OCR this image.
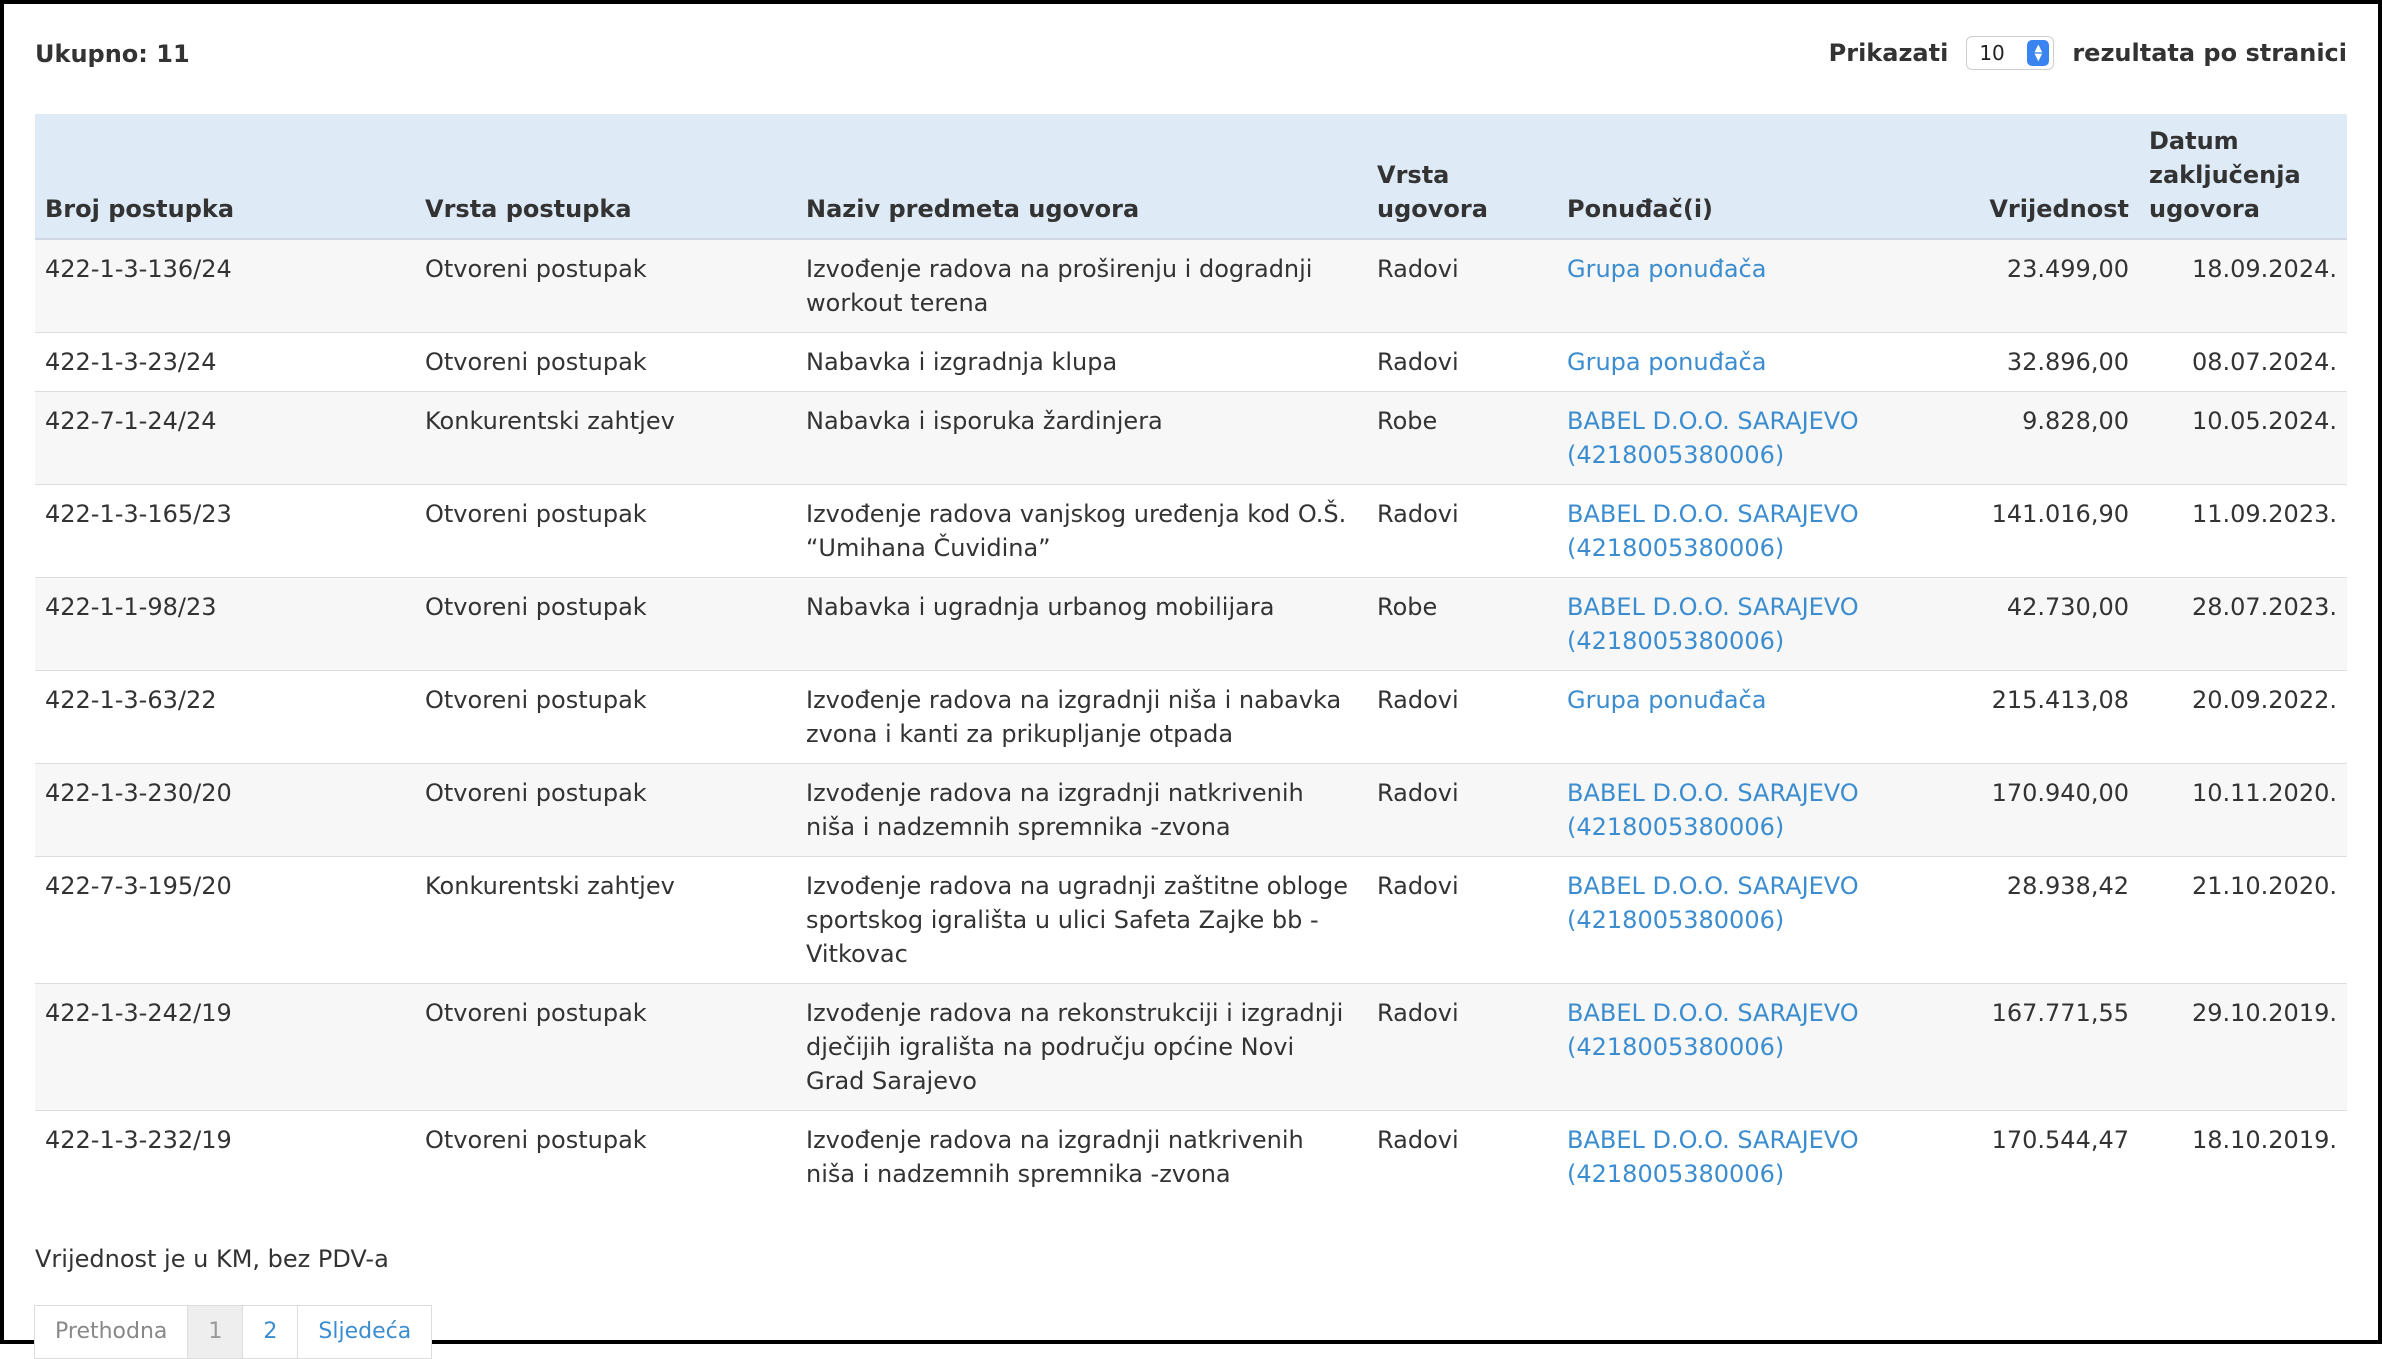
Ukupno: 11	Prikazati 10	▲
▼ rezultata po stranici
Broj postupka	Vrsta postupka	Naziv predmeta ugovora	Vrsta ugovora	Ponuđač(i)	Vrijednost	Datum zaključenja ugovora
422-1-3-136/24	Otvoreni postupak	Izvođenje radova na proširenju i dogradnji workout terena	Radovi	Grupa ponuđača	23.499,00	18.09.2024.
422-1-3-23/24	Otvoreni postupak	Nabavka i izgradnja klupa	Radovi	Grupa ponuđača	32.896,00	08.07.2024.
422-7-1-24/24	Konkurentski zahtjev	Nabavka i isporuka žardinjera	Robe	BABEL D.O.O. SARAJEVO (4218005380006)	9.828,00	10.05.2024.
422-1-3-165/23	Otvoreni postupak	Izvođenje radova vanjskog uređenja kod O.Š. “Umihana Čuvidina”	Radovi	BABEL D.O.O. SARAJEVO (4218005380006)	141.016,90	11.09.2023.
422-1-1-98/23	Otvoreni postupak	Nabavka i ugradnja urbanog mobilijara	Robe	BABEL D.O.O. SARAJEVO (4218005380006)	42.730,00	28.07.2023.
422-1-3-63/22	Otvoreni postupak	Izvođenje radova na izgradnji niša i nabavka zvona i kanti za prikupljanje otpada	Radovi	Grupa ponuđača	215.413,08	20.09.2022.
422-1-3-230/20	Otvoreni postupak	Izvođenje radova na izgradnji natkrivenih niša i nadzemnih spremnika -zvona	Radovi	BABEL D.O.O. SARAJEVO (4218005380006)	170.940,00	10.11.2020.
422-7-3-195/20	Konkurentski zahtjev	Izvođenje radova na ugradnji zaštitne obloge sportskog igrališta u ulici Safeta Zajke bb - Vitkovac	Radovi	BABEL D.O.O. SARAJEVO (4218005380006)	28.938,42	21.10.2020.
422-1-3-242/19	Otvoreni postupak	Izvođenje radova na rekonstrukciji i izgradnji dječijih igrališta na području općine Novi Grad Sarajevo	Radovi	BABEL D.O.O. SARAJEVO (4218005380006)	167.771,55	29.10.2019.
422-1-3-232/19	Otvoreni postupak	Izvođenje radova na izgradnji natkrivenih niša i nadzemnih spremnika -zvona	Radovi	BABEL D.O.O. SARAJEVO (4218005380006)	170.544,47	18.10.2019.
Vrijednost je u KM, bez PDV-a
Prethodna	1	2	Sljedeća
